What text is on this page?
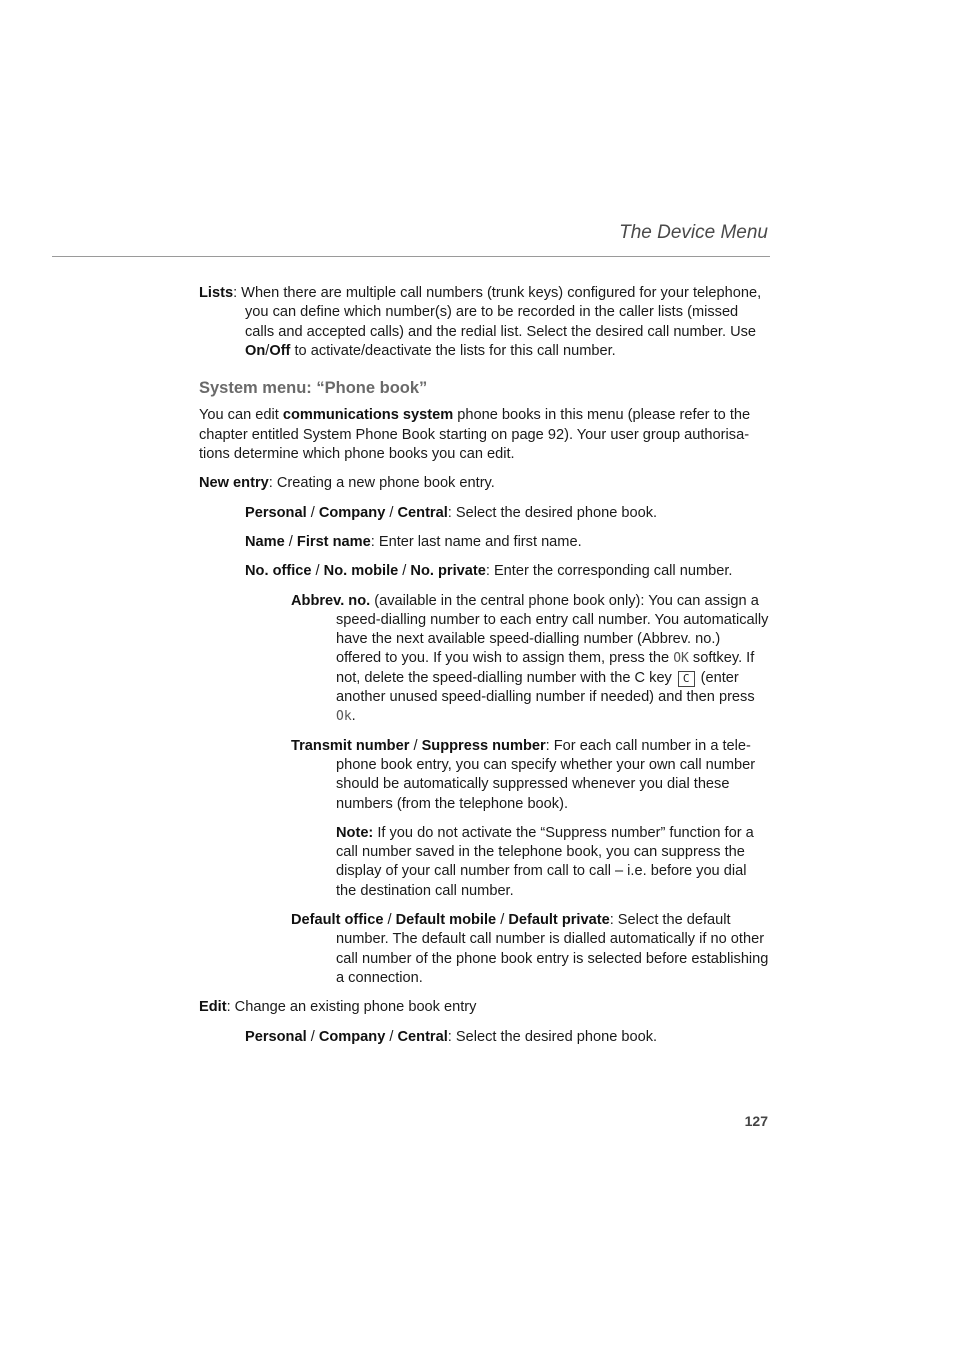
The Device Menu

Lists: When there are multiple call numbers (trunk keys) configured for your telephone, you can define which number(s) are to be recorded in the caller lists (missed calls and accepted calls) and the redial list. Select the desired call number. Use On/Off to activate/deactivate the lists for this call number.

System menu: “Phone book”

You can edit communications system phone books in this menu (please refer to the chapter entitled System Phone Book starting on page 92). Your user group authorisations determine which phone books you can edit.

New entry: Creating a new phone book entry.

Personal / Company / Central: Select the desired phone book.

Name / First name: Enter last name and first name.

No. office / No. mobile / No. private: Enter the corresponding call number.

Abbrev. no. (available in the central phone book only): You can assign a speed-dialling number to each entry call number. You automatically have the next available speed-dialling number (Abbrev. no.) offered to you. If you wish to assign them, press the OK softkey. If not, delete the speed-dialling number with the C key C (enter another unused speed-dialling number if needed) and then press Ok.

Transmit number / Suppress number: For each call number in a telephone book entry, you can specify whether your own call number should be automatically suppressed whenever you dial these numbers (from the telephone book).

Note: If you do not activate the “Suppress number” function for a call number saved in the telephone book, you can suppress the display of your call number from call to call – i.e. before you dial the destination call number.

Default office / Default mobile / Default private: Select the default number. The default call number is dialled automatically if no other call number of the phone book entry is selected before establishing a connection.

Edit: Change an existing phone book entry

Personal / Company / Central: Select the desired phone book.

127
